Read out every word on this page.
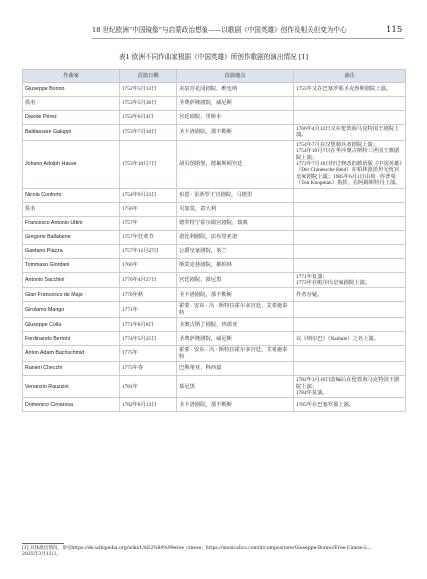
18 世纪欧洲“中国镜像”与启蒙政治想象——以歌剧《中国英雄》创作及相关但变为中心	115
表1 欧洲不同作曲家根据《中国英雄》所创作歌剧的演出情况 [1]
作曲家	首演日期	首演地点	备注
Giuseppe Bonno	1752年5月13日	美泉宫花园剧院，维也纳	1755年又在巴塞罗那圣克鲁斯剧院上演。
佚名	1753年5月30日	圣费萨隆剧院，威尼斯	
Davide Pérez	1753年6月4日	宫廷剧院，里斯本	
Baldassare Galuppi	1753年7月10日	圣卡洛剧院，那不勒斯	1766年4月12日又在伦敦海马克特国王剧院上演。
Johann Adolph Hasse	1753年10月7日	胡贝图斯堡，德累斯顿宫廷	1754年7月在汉堡骑兵者剧院上演；
1754年10月7日在华沙奥古斯特三世国王歌剧院上演；
1773年7月18日经过修改的德语版《中国英雄》（Der Chinessche Held）在柏林波茨坦无忧宫皇家剧院上演；1985年6月1日由荷 · 库普曼（Ton Koopman）指挥，在阿姆斯特丹上演。
Nicola Conforto	1754年9月23日	布恩 · 雷蒂罗王宫剧院，马德里	
佚名	1756年	贝加莫，意大利	
Francesco Antonio Uttini	1757年	德罗特宁霍尔姆宫剧院，瑞典	
Gregorio Ballabene	1757年狂欢节	诺比利剧院，法布里亚诺	
Gaetano Piazza	1757年12月27日	公爵皇家剧院，米兰	
Tommaso Giordani	1766年	斯莫克巷剧院，都柏林	
Antonio Sacchini	1770年4月27日	宫廷剧院，慕尼黑	1771年复演；
1773年在帕尔玛皇家剧院上演。
Gian Francesco de Majo	1770年秋	圣卡洛剧院，那不勒斯	作者存疑。
Girolamo Mango	1771年	霍蒙 · 安东 · 冯 · 斯特拉霍尔多宫廷，艾希施泰特	
Giuseppe Colla	1771年8月8日	圣奥古斯丁剧院，热那亚	
Ferdinando Bertoni	1774年5月25日	圣费萨隆剧院，威尼斯	以《纳尔巴》（Narbale）之名上演。
Anton Adam Bachschmid	1775年	霍蒙 · 安东 · 冯 · 斯特拉霍尔多宫廷，艾希施泰特	
Ranieri Checchi	1775年春	巴斯蒂亚，科西嘉	
Venanzio Rauzzini	1781年	慕尼黑	1782年3月16日改编后在伦敦海马克特国王剧院上演；
1784年复演。
Domenico Cimarosa	1782年8月13日	圣卡洛剧院，那不勒斯	1785年在巴塞罗那上演。
[1] 具体演出情况，参见https://de.wikipedia.org/wiki/L%E2%80%99eroe_cinese；https://musicalics.com/it/compositore/Giuseppe-Bonno/Eroe-Cinese-L...
2025年3月12日。
